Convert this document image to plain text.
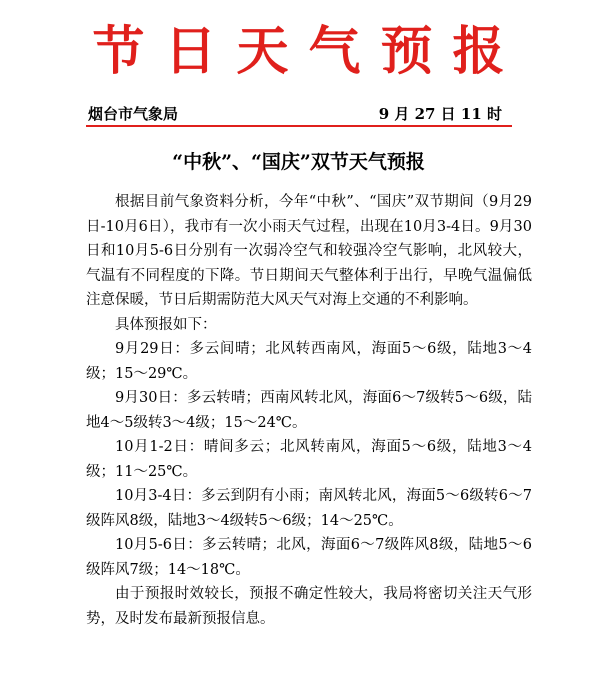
节日天气预报
烟台市气象局	9 月 27 日 11 时
“中秋”、“国庆”双节天气预报

根据目前气象资料分析，今年“中秋”、“国庆”双节期间（9月29日-10月6日），我市有一次小雨天气过程，出现在10月3-4日。9月30日和10月5-6日分别有一次弱冷空气和较强冷空气影响，北风较大，气温有不同程度的下降。节日期间天气整体利于出行，早晚气温偏低注意保暖，节日后期需防范大风天气对海上交通的不利影响。

具体预报如下：

9月29日：多云间晴；北风转西南风，海面5～6级，陆地3～4级；15～29℃。

9月30日：多云转晴；西南风转北风，海面6～7级转5～6级，陆地4～5级转3～4级；15～24℃。

10月1-2日：晴间多云；北风转南风，海面5～6级，陆地3～4级；11～25℃。

10月3-4日：多云到阴有小雨；南风转北风，海面5～6级转6～7级阵风8级，陆地3～4级转5～6级；14～25℃。

10月5-6日：多云转晴；北风，海面6～7级阵风8级，陆地5～6级阵风7级；14～18℃。

由于预报时效较长，预报不确定性较大，我局将密切关注天气形势，及时发布最新预报信息。
